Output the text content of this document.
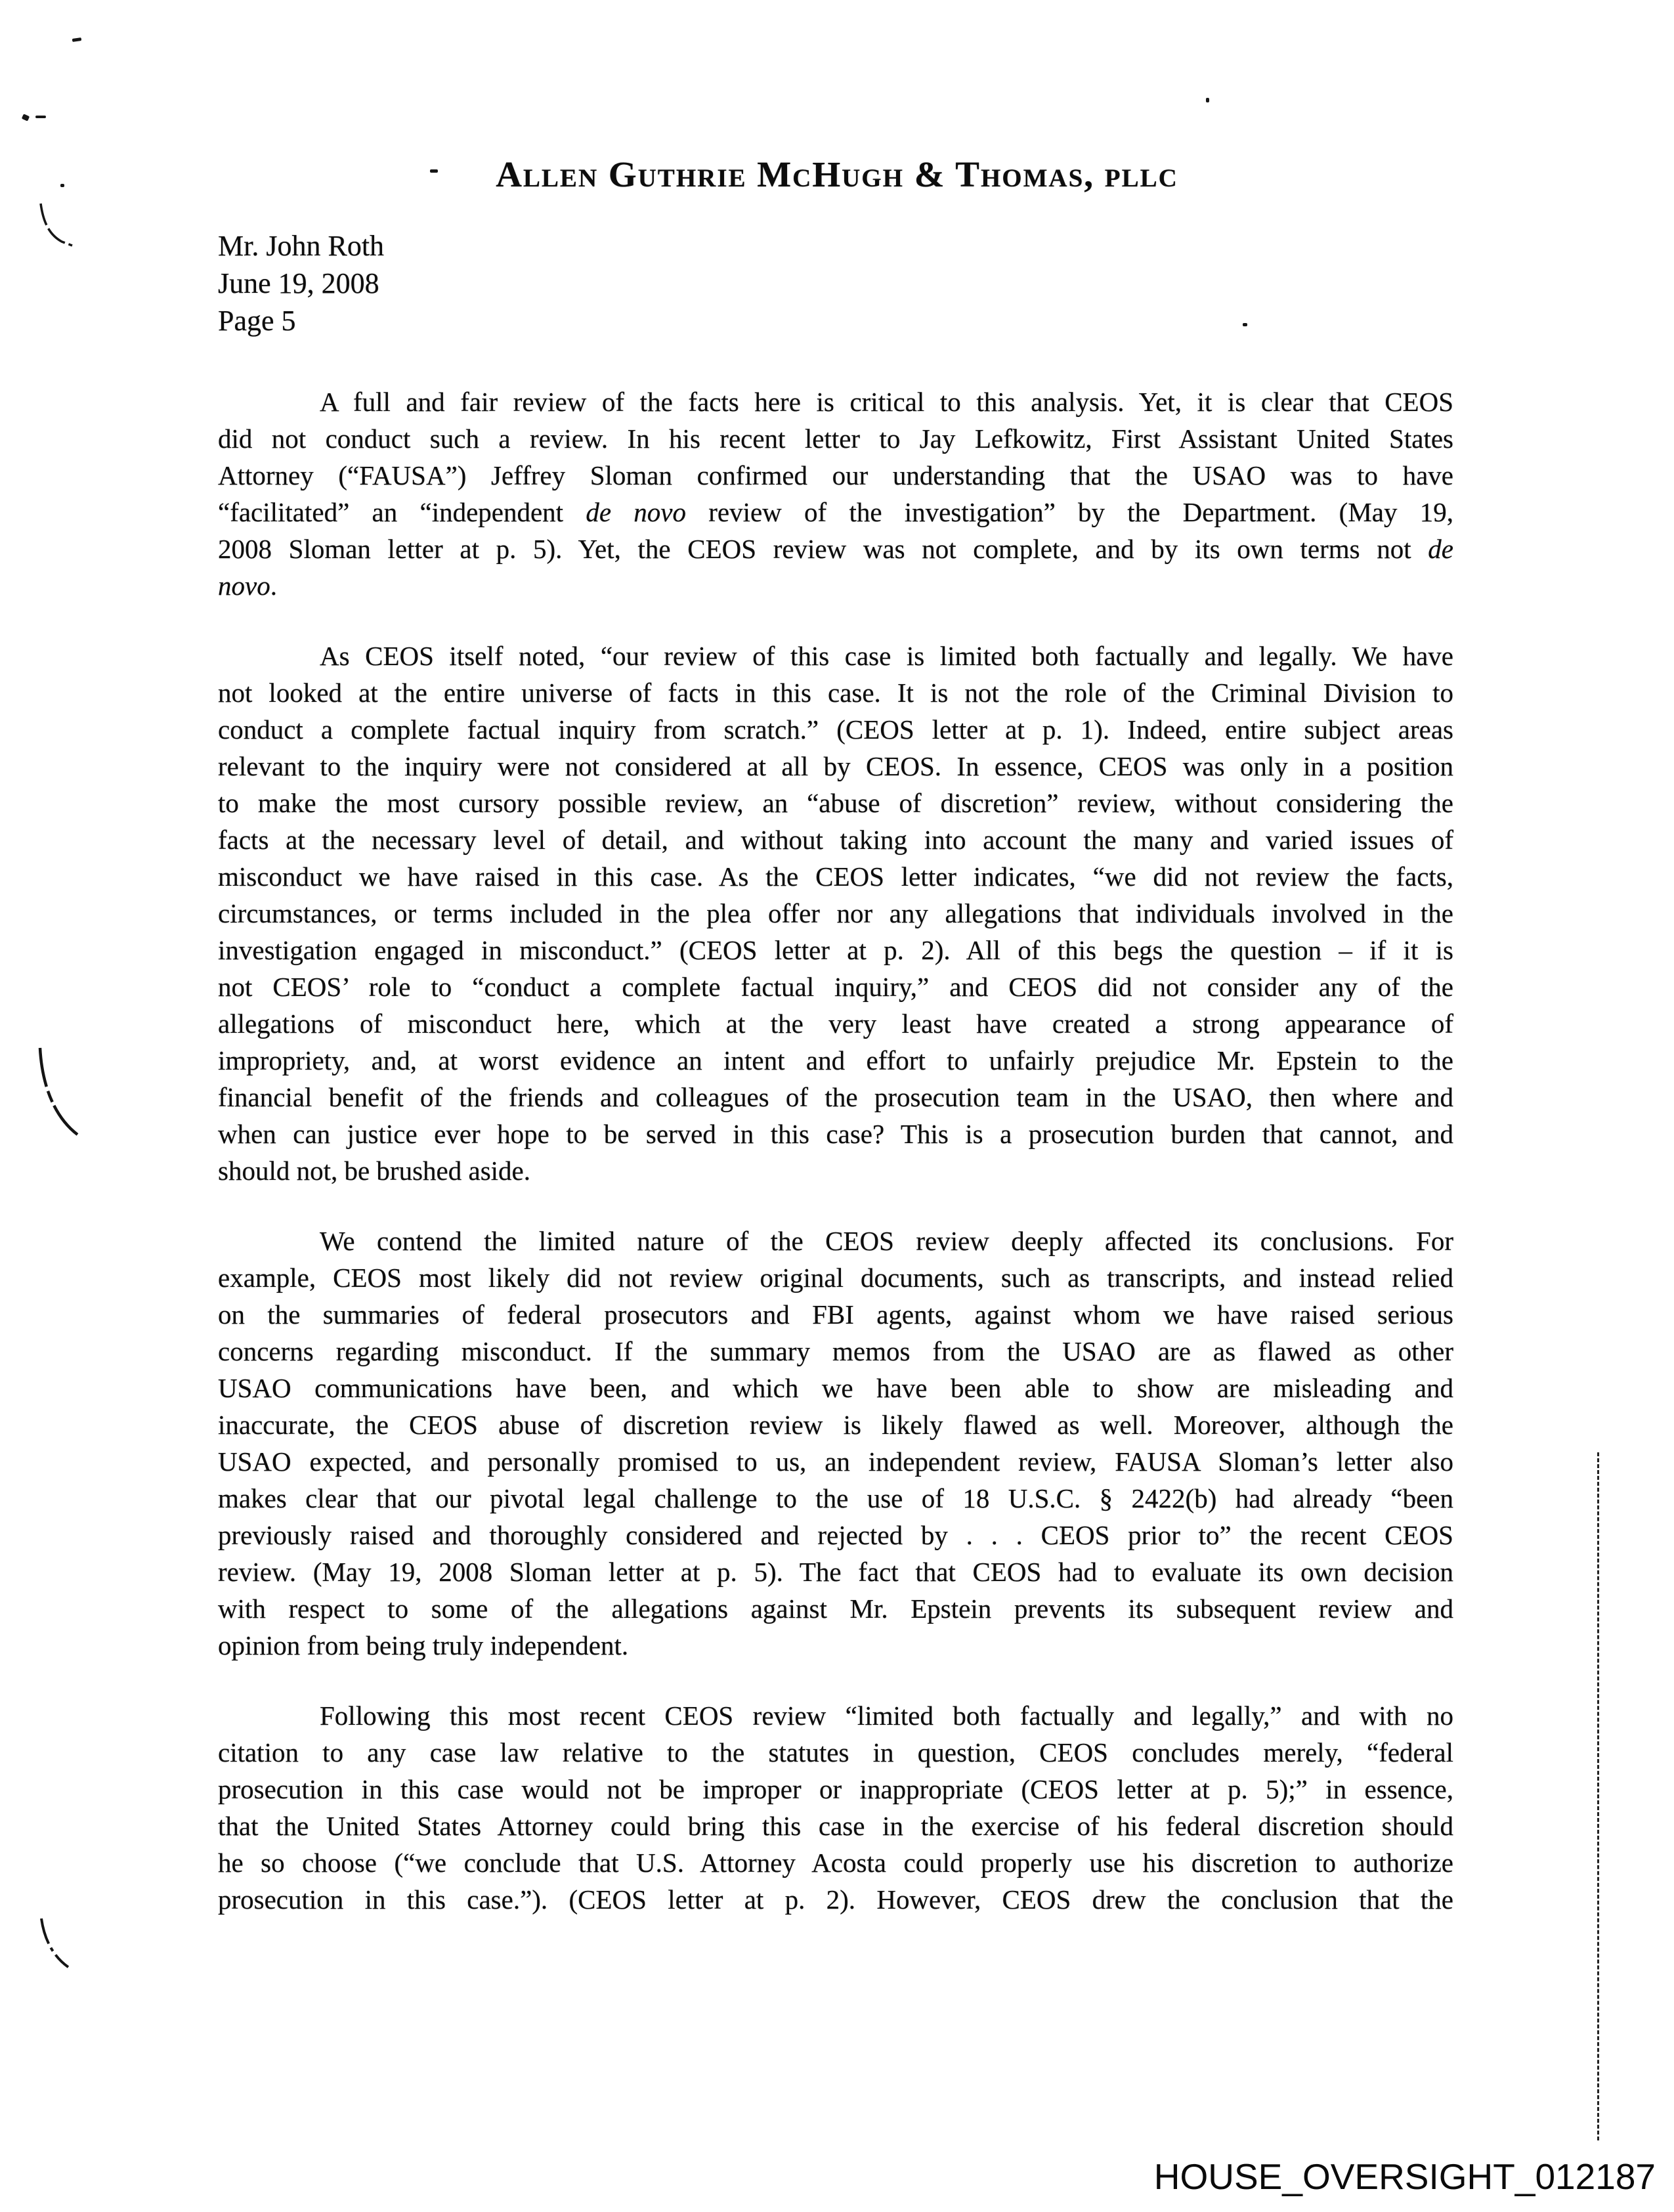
Allen Guthrie McHugh & Thomas, pllc
Mr. John Roth
June 19, 2008
Page 5
A full and fair review of the facts here is critical to this analysis. Yet, it is clear that CEOS
did not conduct such a review. In his recent letter to Jay Lefkowitz, First Assistant United States
Attorney (“FAUSA”) Jeffrey Sloman confirmed our understanding that the USAO was to have
“facilitated” an “independent de novo review of the investigation” by the Department. (May 19,
2008 Sloman letter at p. 5). Yet, the CEOS review was not complete, and by its own terms not de
novo.
As CEOS itself noted, “our review of this case is limited both factually and legally. We have
not looked at the entire universe of facts in this case. It is not the role of the Criminal Division to
conduct a complete factual inquiry from scratch.” (CEOS letter at p. 1). Indeed, entire subject areas
relevant to the inquiry were not considered at all by CEOS. In essence, CEOS was only in a position
to make the most cursory possible review, an “abuse of discretion” review, without considering the
facts at the necessary level of detail, and without taking into account the many and varied issues of
misconduct we have raised in this case. As the CEOS letter indicates, “we did not review the facts,
circumstances, or terms included in the plea offer nor any allegations that individuals involved in the
investigation engaged in misconduct.” (CEOS letter at p. 2). All of this begs the question – if it is
not CEOS’ role to “conduct a complete factual inquiry,” and CEOS did not consider any of the
allegations of misconduct here, which at the very least have created a strong appearance of
impropriety, and, at worst evidence an intent and effort to unfairly prejudice Mr. Epstein to the
financial benefit of the friends and colleagues of the prosecution team in the USAO, then where and
when can justice ever hope to be served in this case? This is a prosecution burden that cannot, and
should not, be brushed aside.
We contend the limited nature of the CEOS review deeply affected its conclusions. For
example, CEOS most likely did not review original documents, such as transcripts, and instead relied
on the summaries of federal prosecutors and FBI agents, against whom we have raised serious
concerns regarding misconduct. If the summary memos from the USAO are as flawed as other
USAO communications have been, and which we have been able to show are misleading and
inaccurate, the CEOS abuse of discretion review is likely flawed as well. Moreover, although the
USAO expected, and personally promised to us, an independent review, FAUSA Sloman’s letter also
makes clear that our pivotal legal challenge to the use of 18 U.S.C. § 2422(b) had already “been
previously raised and thoroughly considered and rejected by . . . CEOS prior to” the recent CEOS
review. (May 19, 2008 Sloman letter at p. 5). The fact that CEOS had to evaluate its own decision
with respect to some of the allegations against Mr. Epstein prevents its subsequent review and
opinion from being truly independent.
Following this most recent CEOS review “limited both factually and legally,” and with no
citation to any case law relative to the statutes in question, CEOS concludes merely, “federal
prosecution in this case would not be improper or inappropriate (CEOS letter at p. 5);” in essence,
that the United States Attorney could bring this case in the exercise of his federal discretion should
he so choose (“we conclude that U.S. Attorney Acosta could properly use his discretion to authorize
prosecution in this case.”). (CEOS letter at p. 2). However, CEOS drew the conclusion that the
HOUSE_OVERSIGHT_012187
